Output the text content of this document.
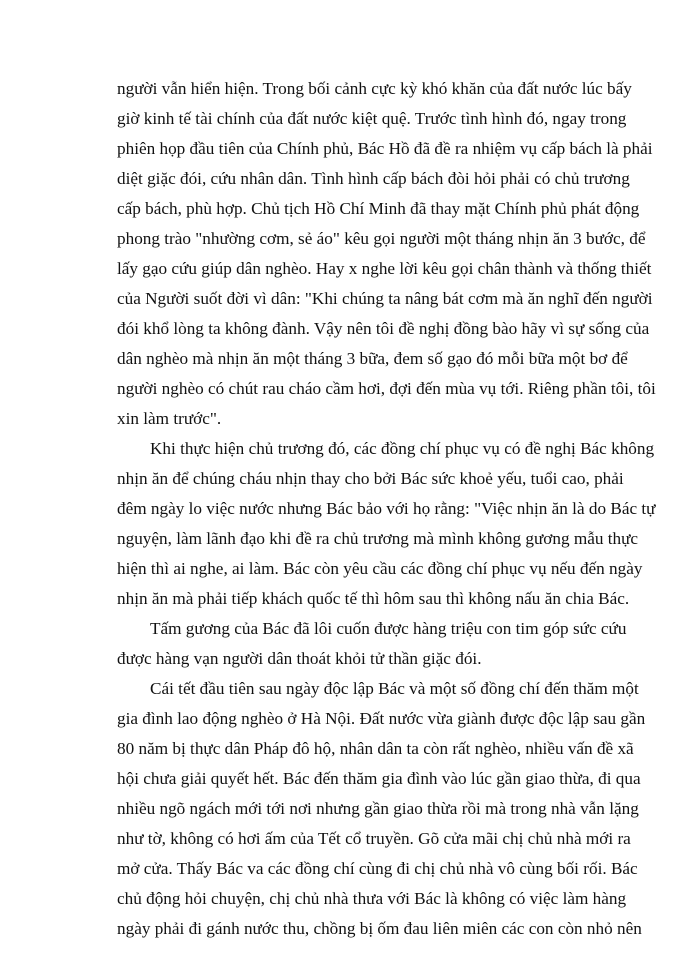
người vẫn hiển hiện. Trong bối cảnh cực kỳ khó khăn của đất nước lúc bấy
giờ kinh tế tài chính của đất nước kiệt quệ. Trước tình hình đó, ngay trong
phiên họp đầu tiên của Chính phủ, Bác Hồ đã đề ra nhiệm vụ cấp bách là phải
diệt giặc đói, cứu nhân dân. Tình hình cấp bách đòi hỏi phải có chủ trương
cấp bách, phù hợp. Chủ tịch Hồ Chí Minh đã thay mặt Chính phủ phát động
phong trào "nhường cơm, sẻ áo" kêu gọi người một tháng nhịn ăn 3 bước, để
lấy gạo cứu giúp dân nghèo. Hay x nghe lời kêu gọi chân thành và thống thiết
của Người suốt đời vì dân: "Khi chúng ta nâng bát cơm mà ăn nghĩ đến người
đói khổ lòng ta không đành. Vậy nên tôi đề nghị đồng bào hãy vì sự sống của
dân nghèo mà nhịn ăn một tháng 3 bữa, đem số gạo đó mỗi bữa một bơ để
người nghèo có chút rau cháo cầm hơi, đợi đến mùa vụ tới. Riêng phần tôi, tôi
xin làm trước".
Khi thực hiện chủ trương đó, các đồng chí phục vụ có đề nghị Bác không
nhịn ăn để chúng cháu nhịn thay cho bởi Bác sức khoẻ yếu, tuổi cao, phải
đêm ngày lo việc nước nhưng Bác bảo với họ rằng: "Việc nhịn ăn là do Bác tự
nguyện, làm lãnh đạo khi đề ra chủ trương mà mình không gương mẫu thực
hiện thì ai nghe, ai làm. Bác còn yêu cầu các đồng chí phục vụ nếu đến ngày
nhịn ăn mà phải tiếp khách quốc tế thì hôm sau thì không nấu ăn chia Bác.
Tấm gương của Bác đã lôi cuốn được hàng triệu con tim góp sức cứu
được hàng vạn người dân thoát khỏi tử thần giặc đói.
Cái tết đầu tiên sau ngày độc lập Bác và một số đồng chí đến thăm một
gia đình lao động nghèo ở Hà Nội. Đất nước vừa giành được độc lập sau gần
80 năm bị thực dân Pháp đô hộ, nhân dân ta còn rất nghèo, nhiều vấn đề xã
hội chưa giải quyết hết. Bác đến thăm gia đình vào lúc gần giao thừa, đi qua
nhiều ngõ ngách mới tới nơi nhưng gần giao thừa rồi mà trong nhà vẫn lặng
như tờ, không có hơi ấm của Tết cổ truyền. Gõ cửa mãi chị chủ nhà mới ra
mở cửa. Thấy Bác va các đồng chí cùng đi chị chủ nhà vô cùng bối rối. Bác
chủ động hỏi chuyện, chị chủ nhà thưa với Bác là không có việc làm hàng
ngày phải đi gánh nước thu, chồng bị ốm đau liên miên các con còn nhỏ nên
